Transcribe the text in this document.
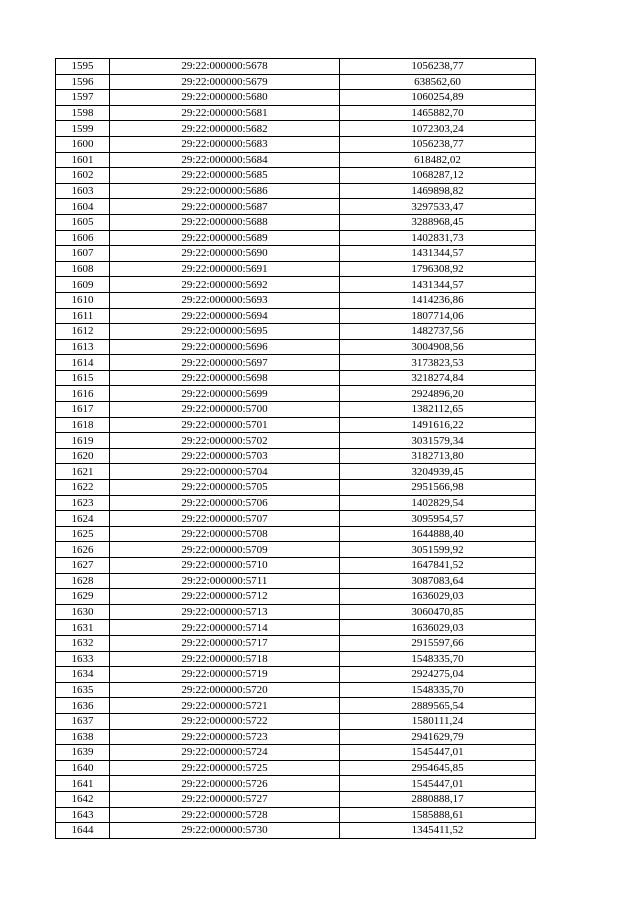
1595	29:22:000000:5678	1056238,77
1596	29:22:000000:5679	638562,60
1597	29:22:000000:5680	1060254,89
1598	29:22:000000:5681	1465882,70
1599	29:22:000000:5682	1072303,24
1600	29:22:000000:5683	1056238,77
1601	29:22:000000:5684	618482,02
1602	29:22:000000:5685	1068287,12
1603	29:22:000000:5686	1469898,82
1604	29:22:000000:5687	3297533,47
1605	29:22:000000:5688	3288968,45
1606	29:22:000000:5689	1402831,73
1607	29:22:000000:5690	1431344,57
1608	29:22:000000:5691	1796308,92
1609	29:22:000000:5692	1431344,57
1610	29:22:000000:5693	1414236,86
1611	29:22:000000:5694	1807714,06
1612	29:22:000000:5695	1482737,56
1613	29:22:000000:5696	3004908,56
1614	29:22:000000:5697	3173823,53
1615	29:22:000000:5698	3218274,84
1616	29:22:000000:5699	2924896,20
1617	29:22:000000:5700	1382112,65
1618	29:22:000000:5701	1491616,22
1619	29:22:000000:5702	3031579,34
1620	29:22:000000:5703	3182713,80
1621	29:22:000000:5704	3204939,45
1622	29:22:000000:5705	2951566,98
1623	29:22:000000:5706	1402829,54
1624	29:22:000000:5707	3095954,57
1625	29:22:000000:5708	1644888,40
1626	29:22:000000:5709	3051599,92
1627	29:22:000000:5710	1647841,52
1628	29:22:000000:5711	3087083,64
1629	29:22:000000:5712	1636029,03
1630	29:22:000000:5713	3060470,85
1631	29:22:000000:5714	1636029,03
1632	29:22:000000:5717	2915597,66
1633	29:22:000000:5718	1548335,70
1634	29:22:000000:5719	2924275,04
1635	29:22:000000:5720	1548335,70
1636	29:22:000000:5721	2889565,54
1637	29:22:000000:5722	1580111,24
1638	29:22:000000:5723	2941629,79
1639	29:22:000000:5724	1545447,01
1640	29:22:000000:5725	2954645,85
1641	29:22:000000:5726	1545447,01
1642	29:22:000000:5727	2880888,17
1643	29:22:000000:5728	1585888,61
1644	29:22:000000:5730	1345411,52
